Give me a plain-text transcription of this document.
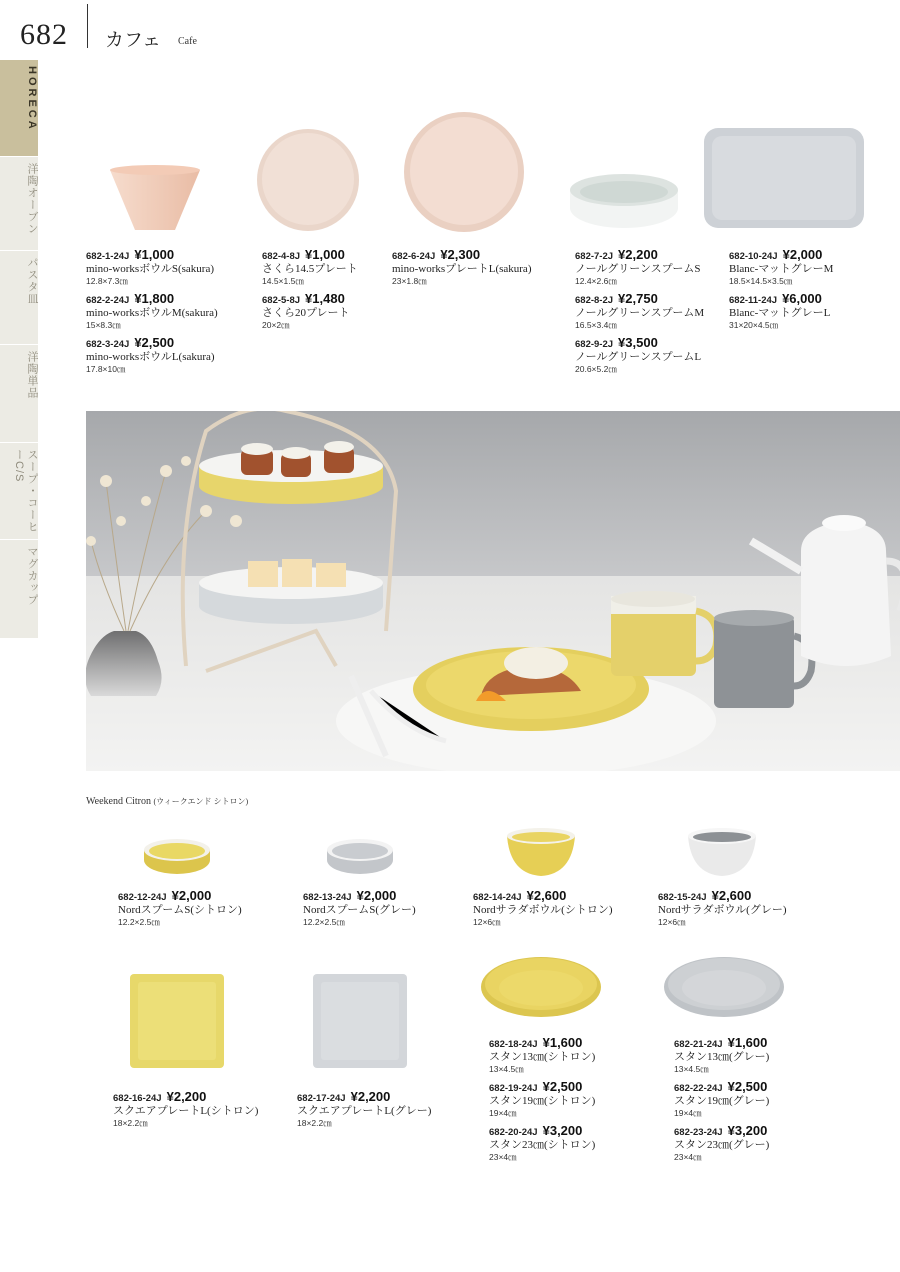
682 カフェ Cafe
HORECA
洋陶オーブン
パスタ皿
洋陶単品
スープ・コーヒーC/S
マグカップ
682-1-24J ¥1,000
mino-worksボウルS(sakura)
12.8×7.3㎝
682-2-24J ¥1,800
mino-worksボウルM(sakura)
15×8.3㎝
682-3-24J ¥2,500
mino-worksボウルL(sakura)
17.8×10㎝
682-4-8J ¥1,000
さくら14.5プレート
14.5×1.5㎝
682-5-8J ¥1,480
さくら20プレート
20×2㎝
682-6-24J ¥2,300
mino-worksプレートL(sakura)
23×1.8㎝
682-7-2J ¥2,200
ノールグリーンスプームS
12.4×2.6㎝
682-8-2J ¥2,750
ノールグリーンスプームM
16.5×3.4㎝
682-9-2J ¥3,500
ノールグリーンスプームL
20.6×5.2㎝
682-10-24J ¥2,000
Blanc-マットグレーM
18.5×14.5×3.5㎝
682-11-24J ¥6,000
Blanc-マットグレーL
31×20×4.5㎝
Weekend Citron (ウィークエンド シトロン)
682-12-24J ¥2,000
NordスプームS(シトロン)
12.2×2.5㎝
682-13-24J ¥2,000
NordスプームS(グレー)
12.2×2.5㎝
682-14-24J ¥2,600
Nordサラダボウル(シトロン)
12×6㎝
682-15-24J ¥2,600
Nordサラダボウル(グレー)
12×6㎝
682-16-24J ¥2,200
スクエアプレートL(シトロン)
18×2.2㎝
682-17-24J ¥2,200
スクエアプレートL(グレー)
18×2.2㎝
682-18-24J ¥1,600
スタン13㎝(シトロン)
13×4.5㎝
682-19-24J ¥2,500
スタン19㎝(シトロン)
19×4㎝
682-20-24J ¥3,200
スタン23㎝(シトロン)
23×4㎝
682-21-24J ¥1,600
スタン13㎝(グレー)
13×4.5㎝
682-22-24J ¥2,500
スタン19㎝(グレー)
19×4㎝
682-23-24J ¥3,200
スタン23㎝(グレー)
23×4㎝
